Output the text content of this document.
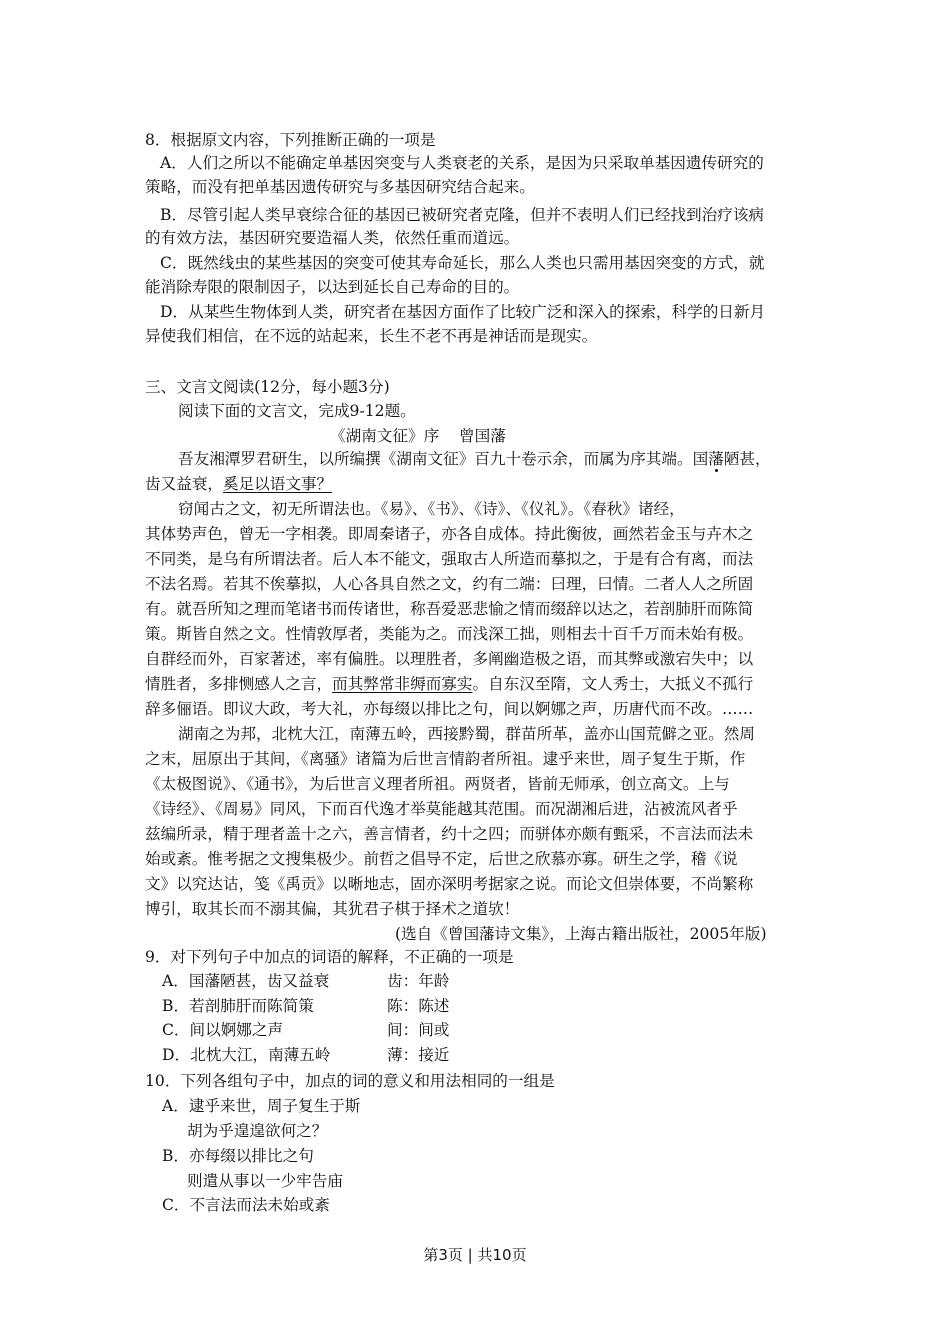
8．根据原文内容，下列推断正确的一项是
A．人们之所以不能确定单基因突变与人类衰老的关系，是因为只采取单基因遗传研究的
策略，而没有把单基因遗传研究与多基因研究结合起来。
B．尽管引起人类早衰综合征的基因已被研究者克隆，但并不表明人们已经找到治疗该病
的有效方法，基因研究要造福人类，依然任重而道远。
C．既然线虫的某些基因的突变可使其寿命延长，那么人类也只需用基因突变的方式，就
能消除寿限的限制因子，以达到延长自己寿命的目的。
D．从某些生物体到人类，研究者在基因方面作了比较广泛和深入的探索，科学的日新月
异使我们相信，在不远的站起来，长生不老不再是神话而是现实。
三、文言文阅读(12分，每小题3分)
阅读下面的文言文，完成9-12题。
《湖南文征》序 曾国藩
吾友湘潭罗君研生，以所编撰《湖南文征》百九十卷示余，而属为序其端。国藩陋甚，
齿又益衰，奚足以语文事？
窃闻古之文，初无所谓法也。《易》、《书》、《诗》、《仪礼》。《春秋》诸经，
其体势声色，曾无一字相袭。即周秦诸子，亦各自成体。持此衡彼，画然若金玉与卉木之
不同类，是乌有所谓法者。后人本不能文，强取古人所造而摹拟之，于是有合有离，而法
不法名焉。若其不俟摹拟，人心各具自然之文，约有二端：曰理，曰情。二者人人之所固
有。就吾所知之理而笔诸书而传诸世，称吾爱恶悲愉之情而缀辞以达之，若剖肺肝而陈简
策。斯皆自然之文。性情敦厚者，类能为之。而浅深工拙，则相去十百千万而未始有极。
自群经而外，百家著述，率有偏胜。以理胜者，多阐幽造极之语，而其弊或激宕失中；以
情胜者，多排恻感人之言，而其弊常非缛而寡实。自东汉至隋，文人秀士，大抵义不孤行
辞多俪语。即议大政，考大礼，亦每缀以排比之句，间以婀娜之声，历唐代而不改。……
湖南之为邦，北枕大江，南薄五岭，西接黔蜀，群苗所革，盖亦山国荒僻之亚。然周
之末，屈原出于其间，《离骚》诸篇为后世言情韵者所祖。逮乎来世，周子复生于斯，作
《太极图说》、《通书》，为后世言义理者所祖。两贤者，皆前无师承，创立高文。上与
《诗经》、《周易》同风，下而百代逸才举莫能越其范围。而况湖湘后进，沾被流风者乎
兹编所录，精于理者盖十之六，善言情者，约十之四；而骈体亦颇有甄采，不言法而法未
始或紊。惟考据之文搜集极少。前哲之倡导不定，后世之欣慕亦寡。研生之学，稽《说
文》以究达诂，笺《禹贡》以晰地志，固亦深明考据家之说。而论文但崇体要，不尚繁称
博引，取其长而不溺其偏，其犹君子棋于择术之道欤！
(选自《曾国藩诗文集》，上海古籍出版社，2005年版)
9．对下列句子中加点的词语的解释，不正确的一项是
A．国藩陋甚，齿又益衰	齿：年龄
B．若剖肺肝而陈简策	陈：陈述
C．间以婀娜之声	间：间或
D．北枕大江，南薄五岭	薄：接近
10．下列各组句子中，加点的词的意义和用法相同的一组是
A．逮乎来世，周子复生于斯
胡为乎遑遑欲何之？
B．亦每缀以排比之句
则遣从事以一少牢告庙
C．不言法而法未始或紊
第3页 | 共10页
